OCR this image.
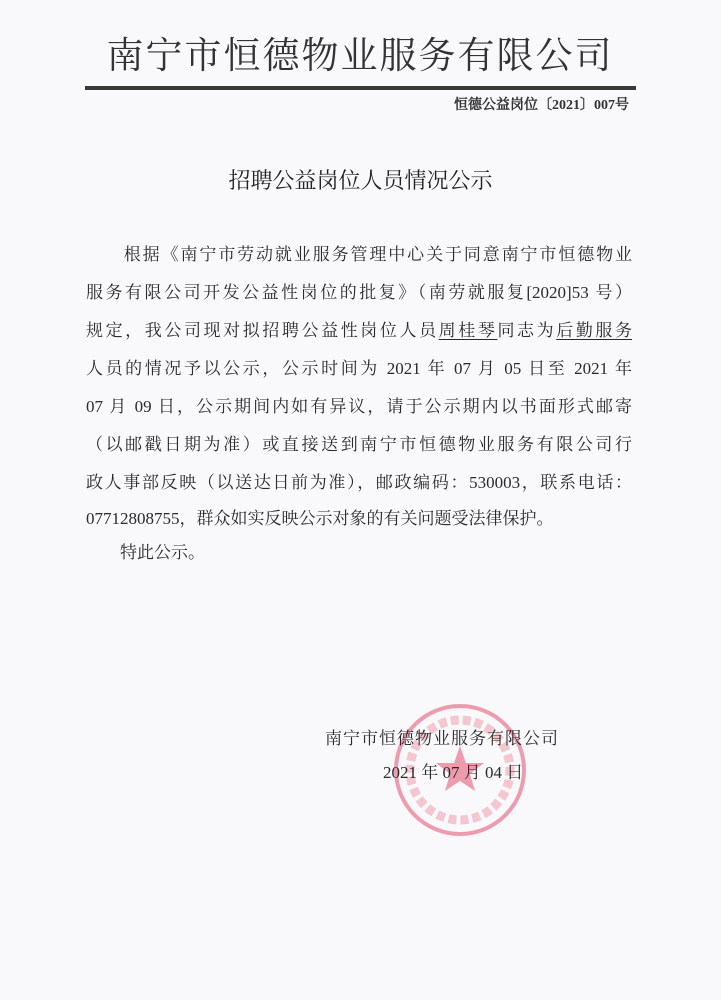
南宁市恒德物业服务有限公司
恒德公益岗位〔2021〕007号
招聘公益岗位人员情况公示
　　根据《南宁市劳动就业服务管理中心关于同意南宁市恒德物业
服务有限公司开发公益性岗位的批复》（南劳就服复[2020]53 号）
规定，我公司现对拟招聘公益性岗位人员周桂琴同志为后勤服务
人员的情况予以公示，公示时间为 2021 年 07 月 05 日至 2021 年
07 月 09 日，公示期间内如有异议，请于公示期内以书面形式邮寄
（以邮戳日期为准）或直接送到南宁市恒德物业服务有限公司行
政人事部反映（以送达日前为准），邮政编码：530003，联系电话：
07712808755，群众如实反映公示对象的有关问题受法律保护。
　　特此公示。
南宁市恒德物业服务有限公司
2021 年 07 月 04 日
